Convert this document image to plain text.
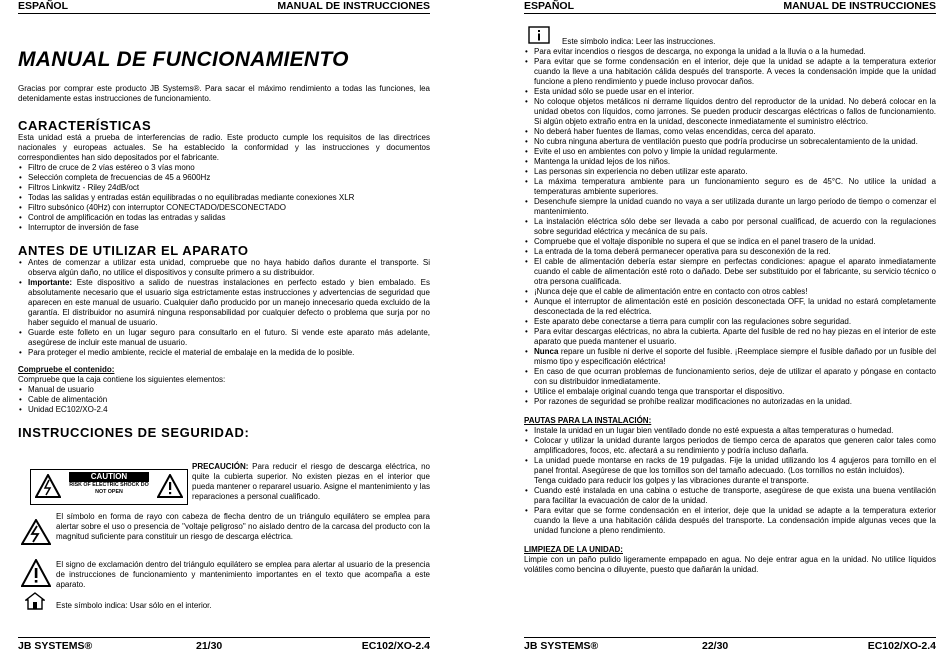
ESPAÑOL	MANUAL DE INSTRUCCIONES
MANUAL DE FUNCIONAMIENTO

Gracias por comprar este producto JB Systems®. Para sacar el máximo rendimiento a todas las funciones, lea detenidamente estas instrucciones de funcionamiento.

CARACTERÍSTICAS

Esta unidad está a prueba de interferencias de radio. Este producto cumple los requisitos de las directrices nacionales y europeas actuales. Se ha establecido la conformidad y las instrucciones y documentos correspondientes han sido depositados por el fabricante.

• Filtro de cruce de 2 vías estéreo o 3 vías mono
• Selección completa de frecuencias de 45 a 9600Hz
• Filtros Linkwitz - Riley 24dB/oct
• Todas las salidas y entradas están equilibradas o no equilibradas mediante conexiones XLR
• Filtro subsónico (40Hz) con interruptor CONECTADO/DESCONECTADO
• Control de amplificación en todas las entradas y salidas
• Interruptor de inversión de fase
ANTES DE UTILIZAR EL APARATO
• Antes de comenzar a utilizar esta unidad, compruebe que no haya habido daños durante el transporte. Si observa algún daño, no utilice el dispositivos y consulte primero a su distribuidor.
• Importante: Este dispositivo a salido de nuestras instalaciones en perfecto estado y bien embalado. Es absolutamente necesario que el usuario siga estrictamente estas instrucciones y advertencias de seguridad que aparecen en este manual de usuario. Cualquier daño producido por un manejo innecesario queda excluido de la garantía. El distribuidor no asumirá ninguna responsabilidad por cualquier defecto o problema que surja por no haber seguido el manual de usuario.
• Guarde este folleto en un lugar seguro para consultarlo en el futuro. Si vende este aparato más adelante, asegúrese de incluir este manual de usuario.
• Para proteger el medio ambiente, recicle el material de embalaje en la medida de lo posible.
Compruebe el contenido:

Compruebe que la caja contiene los siguientes elementos:

• Manual de usuario
• Cable de alimentación
• Unidad EC102/XO-2.4
INSTRUCCIONES DE SEGURIDAD:
CAUTION
RISK OF ELECTRIC SHOCK DO NOT OPEN

PRECAUCIÓN: Para reducir el riesgo de descarga eléctrica, no quite la cubierta superior. No existen piezas en el interior que pueda mantener o repararel usuario. Asigne el mantenimiento y las reparaciones a personal cualificado.

El símbolo en forma de rayo con cabeza de flecha dentro de un triángulo equilátero se emplea para alertar sobre el uso o presencia de "voltaje peligroso" no aislado dentro de la carcasa del producto con la magnitud suficiente para constituir un riesgo de descarga eléctrica.

El signo de exclamación dentro del triángulo equilátero se emplea para alertar al usuario de la presencia de instrucciones de funcionamiento y mantenimiento importantes en el texto que acompaña a este aparato.

Este símbolo indica: Usar sólo en el interior.

JB SYSTEMS®	21/30	EC102/XO-2.4
ESPAÑOL	MANUAL DE INSTRUCCIONES

Este símbolo indica: Leer las instrucciones.

• Para evitar incendios o riesgos de descarga, no exponga la unidad a la lluvia o a la humedad.
• Para evitar que se forme condensación en el interior, deje que la unidad se adapte a la temperatura exterior cuando la lleve a una habitación cálida después del transporte. A veces la condensación impide que la unidad funcione a pleno rendimiento y puede incluso provocar daños.
• Esta unidad sólo se puede usar en el interior.
• No coloque objetos metálicos ni derrame líquidos dentro del reproductor de la unidad. No deberá colocar en la unidad obetos con líquidos, como jarrones. Se pueden producir descargas eléctricas o fallos de funcionamiento. Si algún objeto extraño entra en la unidad, desconecte inmediatamente el suministro eléctrico.
• No deberá haber fuentes de llamas, como velas encendidas, cerca del aparato.
• No cubra ninguna abertura de ventilación puesto que podría producirse un sobrecalentamiento de la unidad.
• Evite el uso en ambientes con polvo y limpie la unidad regularmente.
• Mantenga la unidad lejos de los niños.
• Las personas sin experiencia no deben utilizar este aparato.
• La máxima temperatura ambiente para un funcionamiento seguro es de 45°C. No utilice la unidad a temperaturas ambiente superiores.
• Desenchufe siempre la unidad cuando no vaya a ser utilizada durante un largo periodo de tiempo o comenzar el mantenimiento.
• La instalación eléctrica sólo debe ser llevada a cabo por personal cualificad, de acuerdo con la regulaciones sobre seguridad eléctrica y mecánica de su país.
• Compruebe que el voltaje disponible no supera el que se indica en el panel trasero de la unidad.
• La entrada de la toma deberá permanecer operativa para su desconexión de la red.
• El cable de alimentación debería estar siempre en perfectas condiciones: apague el aparato inmediatamente cuando el cable de alimentación esté roto o dañado. Debe ser substituido por el fabricante, su servicio técnico o otra persona cualificada.
• ¡Nunca deje que el cable de alimentación entre en contacto con otros cables!
• Aunque el interruptor de alimentación esté en posición desconectada OFF, la unidad no estará completamente desconectada de la red eléctrica.
• Este aparato debe conectarse a tierra para cumplir con las regulaciones sobre seguridad.
• Para evitar descargas eléctricas, no abra la cubierta. Aparte del fusible de red no hay piezas en el interior de este aparato que pueda mantener el usuario.
• Nunca repare un fusible ni derive el soporte del fusible. ¡Reemplace siempre el fusible dañado por un fusible del mismo tipo y especificación eléctrica!
• En caso de que ocurran problemas de funcionamiento serios, deje de utilizar el aparato y póngase en contacto con su distribuidor inmediatamente.
• Utilice el embalaje original cuando tenga que transportar el dispositivo.
• Por razones de seguridad se prohíbe realizar modificaciones no autorizadas en la unidad.
PAUTAS PARA LA INSTALACIÓN:
• Instale la unidad en un lugar bien ventilado donde no esté expuesta a altas temperaturas o humedad.
• Colocar y utilizar la unidad durante largos periodos de tiempo cerca de aparatos que generen calor tales como amplificadores, focos, etc. afectará a su rendimiento y podría incluso dañarla.
• La unidad puede montarse en racks de 19 pulgadas. Fije la unidad utilizando los 4 agujeros para tornillo en el panel frontal. Asegúrese de que los tornillos son del tamaño adecuado. (Los tornillos no están incluidos).
Tenga cuidado para reducir los golpes y las vibraciones durante el transporte.
• Cuando esté instalada en una cabina o estuche de transporte, asegúrese de que exista una buena ventilación para facilitar la evacuación de calor de la unidad.
• Para evitar que se forme condensación en el interior, deje que la unidad se adapte a la temperatura exterior cuando la lleve a una habitación cálida después del transporte. La condensación impide algunas veces que la unidad funcione a pleno rendimiento.
LIMPIEZA DE LA UNIDAD:

Limpie con un paño pulido ligeramente empapado en agua. No deje entrar agua en la unidad. No utilice líquidos volátiles como bencina o diluyente, puesto que dañarán la unidad.

JB SYSTEMS®	22/30	EC102/XO-2.4
